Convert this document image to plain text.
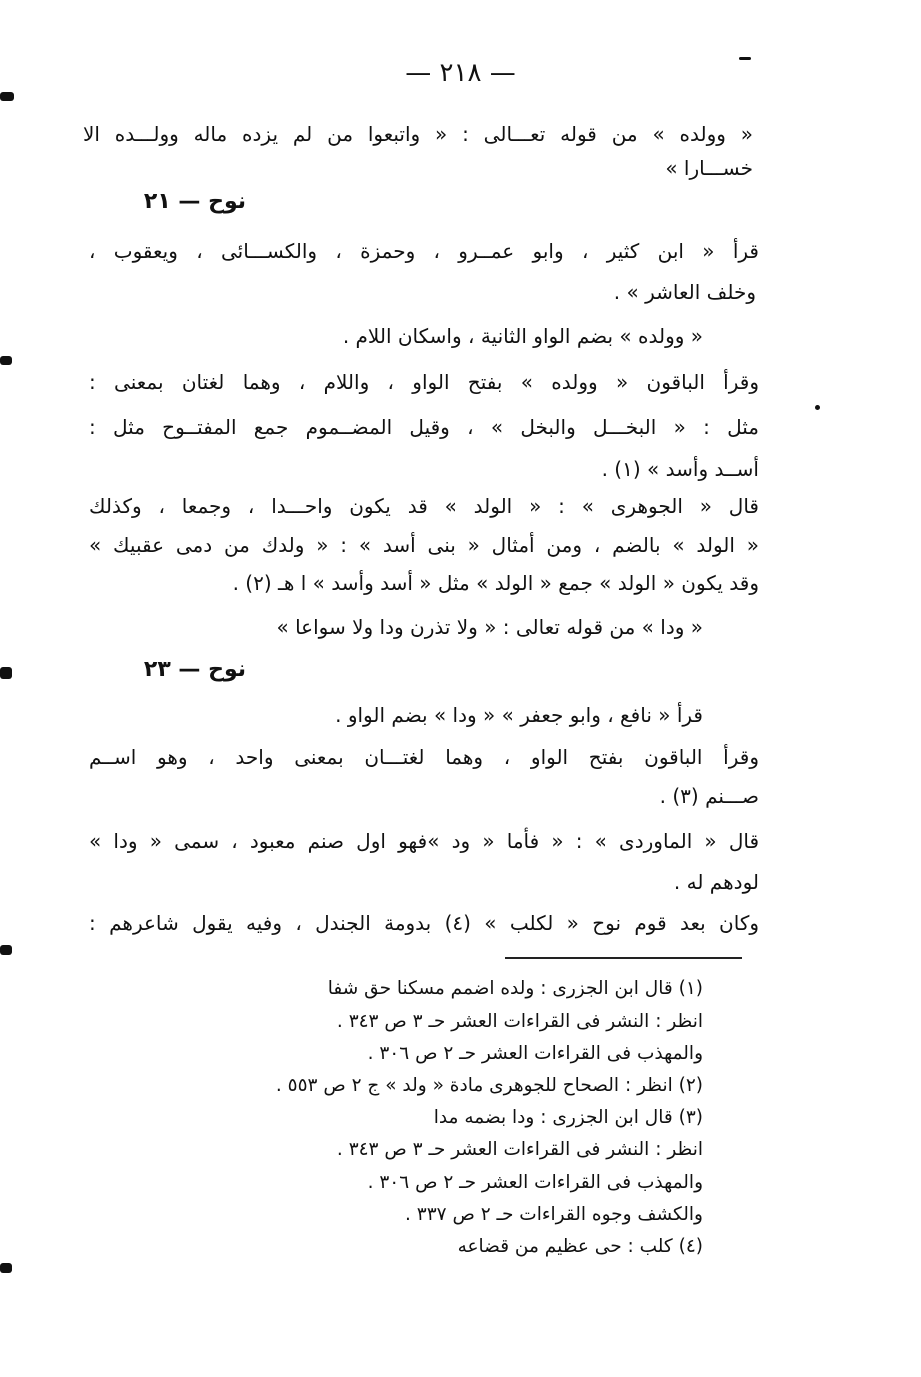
— ٢١٨ —
« وولده » من قوله تعـــالى : « واتبعوا من لم يزده ماله وولـــده الا
خســـارا »
نوح — ٢١
قرأ « ابن كثير ، وابو عمــرو ، وحمزة ، والكســـائى ، ويعقوب ،
وخلف العاشر » .
« وولده » بضم الواو الثانية ، واسكان اللام .
وقرأ الباقون « وولده » بفتح الواو ، واللام ، وهما لغتان بمعنى :
مثل : « البخـــل والبخل » ، وقيل المضــموم جمع المفتــوح مثل :
أســد وأسد » (١) .
قال « الجوهرى » : « الولد » قد يكون واحـــدا ، وجمعا ، وكذلك
« الولد » بالضم ، ومن أمثال « بنى أسد » : « ولدك من دمى عقبيك »
وقد يكون « الولد » جمع « الولد » مثل « أسد وأسد » ا هـ (٢) .
« ودا » من قوله تعالى : « ولا تذرن ودا ولا سواعا »
نوح — ٢٣
قرأ « نافع ، وابو جعفر » « ودا » بضم الواو .
وقرأ الباقون بفتح الواو ، وهما لغتـــان بمعنى واحد ، وهو اســم
صـــنم (٣) .
قال « الماوردى » : « فأما « ود »فهو اول صنم معبود ، سمى « ودا »
لودهم له .
وكان بعد قوم نوح « لكلب » (٤) بدومة الجندل ، وفيه يقول شاعرهم :
(١) قال ابن الجزرى : ولده اضمم مسكنا حق شفا
انظر : النشر فى القراءات العشر حـ ٣ ص ٣٤٣ .
والمهذب فى القراءات العشر حـ ٢ ص ٣٠٦ .
(٢) انظر : الصحاح للجوهرى مادة « ولد » ج ٢ ص ٥٥٣ .
(٣) قال ابن الجزرى : ودا بضمه مدا
انظر : النشر فى القراءات العشر حـ ٣ ص ٣٤٣ .
والمهذب فى القراءات العشر حـ ٢ ص ٣٠٦ .
والكشف وجوه القراءات حـ ٢ ص ٣٣٧ .
(٤) كلب : حى عظيم من قضاعه
